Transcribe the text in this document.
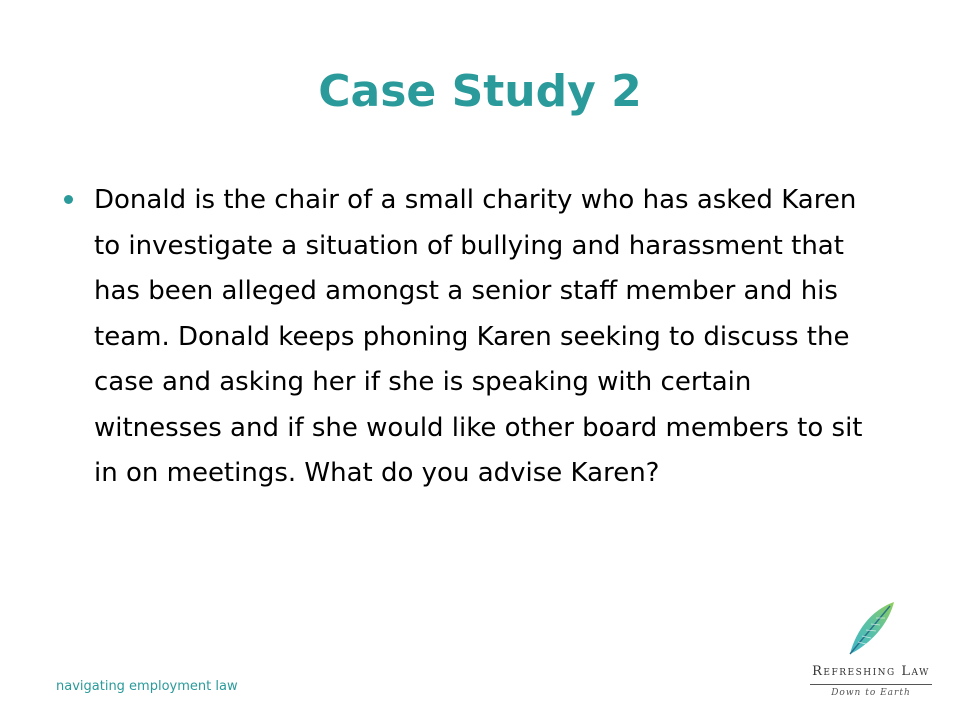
Case Study 2
Donald is the chair of a small charity who has asked Karen to investigate a situation of bullying and harassment that has been alleged amongst a senior staff member and his team. Donald keeps phoning Karen seeking to discuss the case and asking her if she is speaking with certain witnesses and if she would like other board members to sit in on meetings. What do you advise Karen?
navigating employment law
Refreshing Law
Down to Earth
